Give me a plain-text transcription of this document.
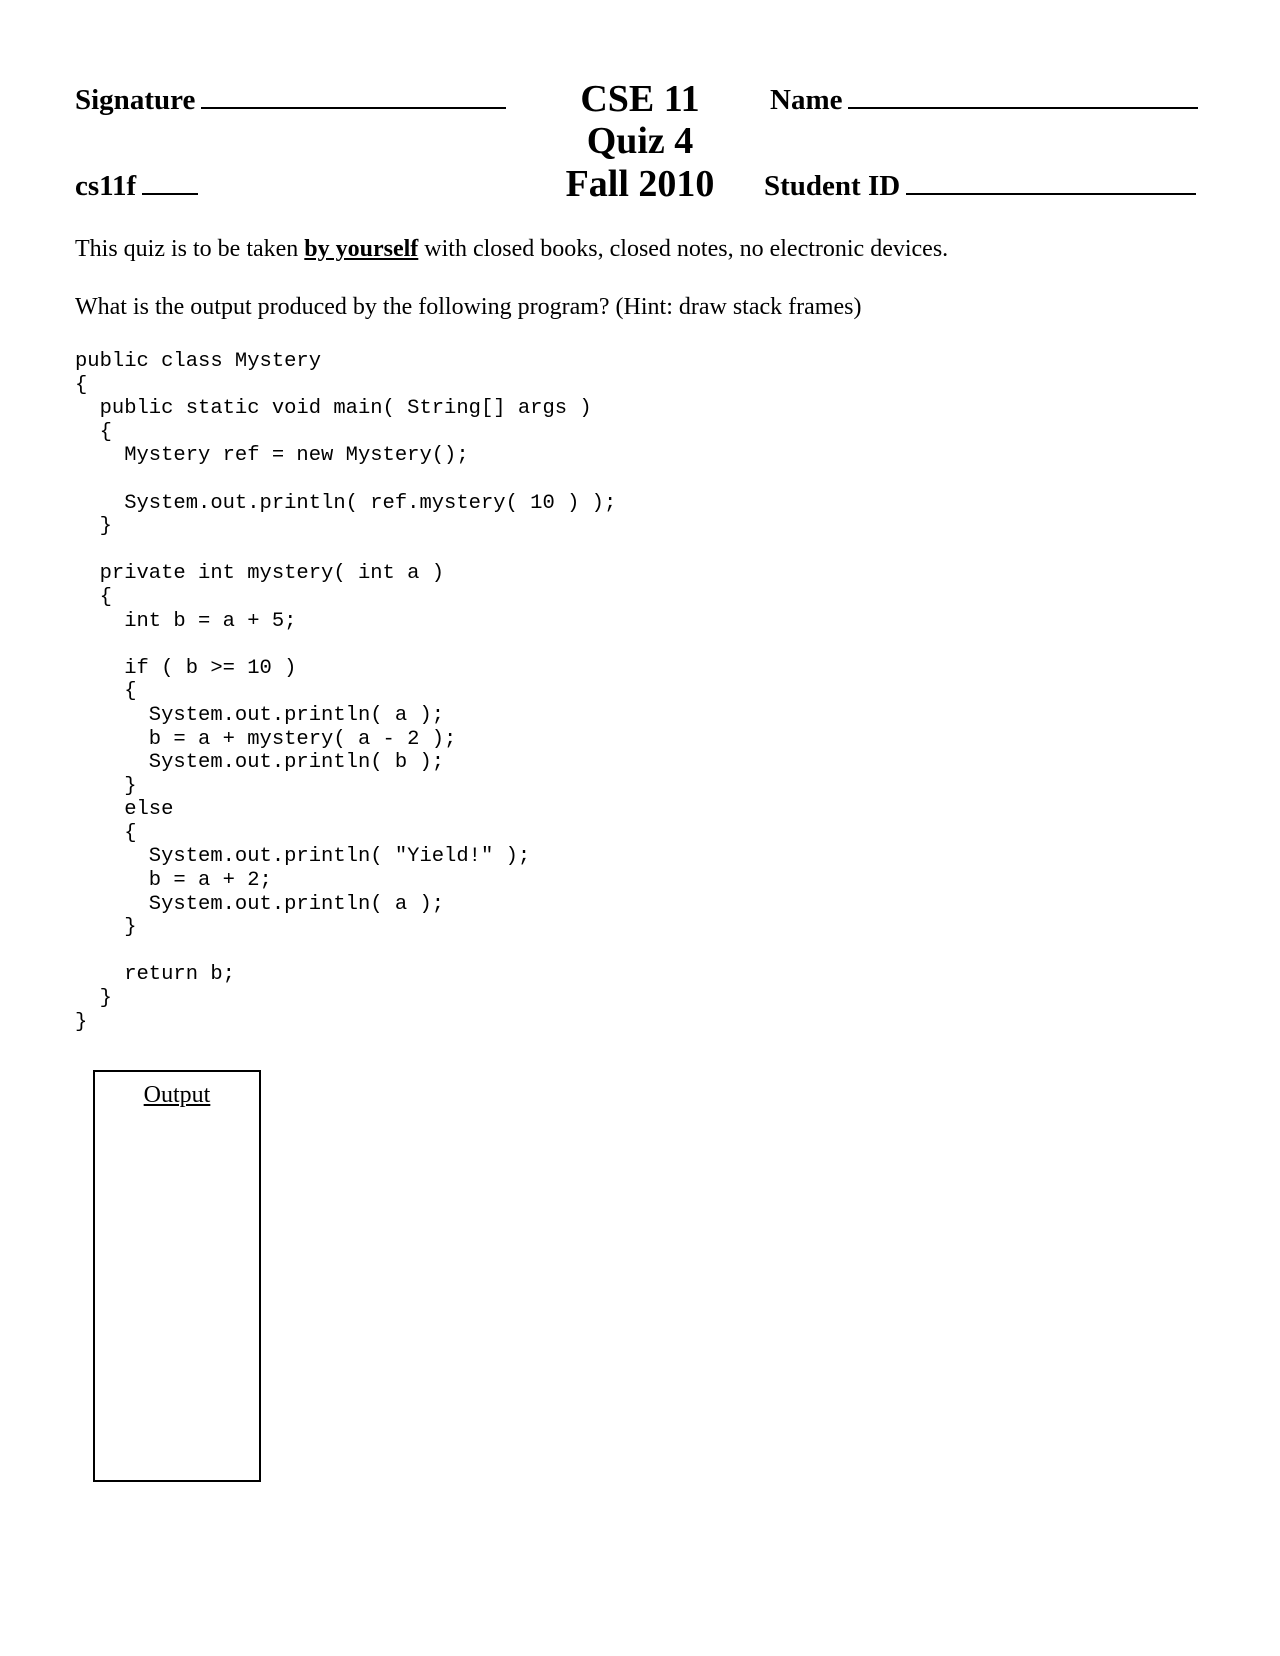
Signature	CSE 11	Name
Quiz 4
cs11f	Fall 2010	Student ID
This quiz is to be taken by yourself with closed books, closed notes, no electronic devices.
What is the output produced by the following program? (Hint: draw stack frames)
public class Mystery
{
public static void main( String[] args )
{
Mystery ref = new Mystery();

System.out.println( ref.mystery( 10 ) );
}

private int mystery( int a )
{
int b = a + 5;

if ( b >= 10 )
{
System.out.println( a );
b = a + mystery( a - 2 );
System.out.println( b );
}
else
{
System.out.println( "Yield!" );
b = a + 2;
System.out.println( a );
}

return b;
}
}
Output
